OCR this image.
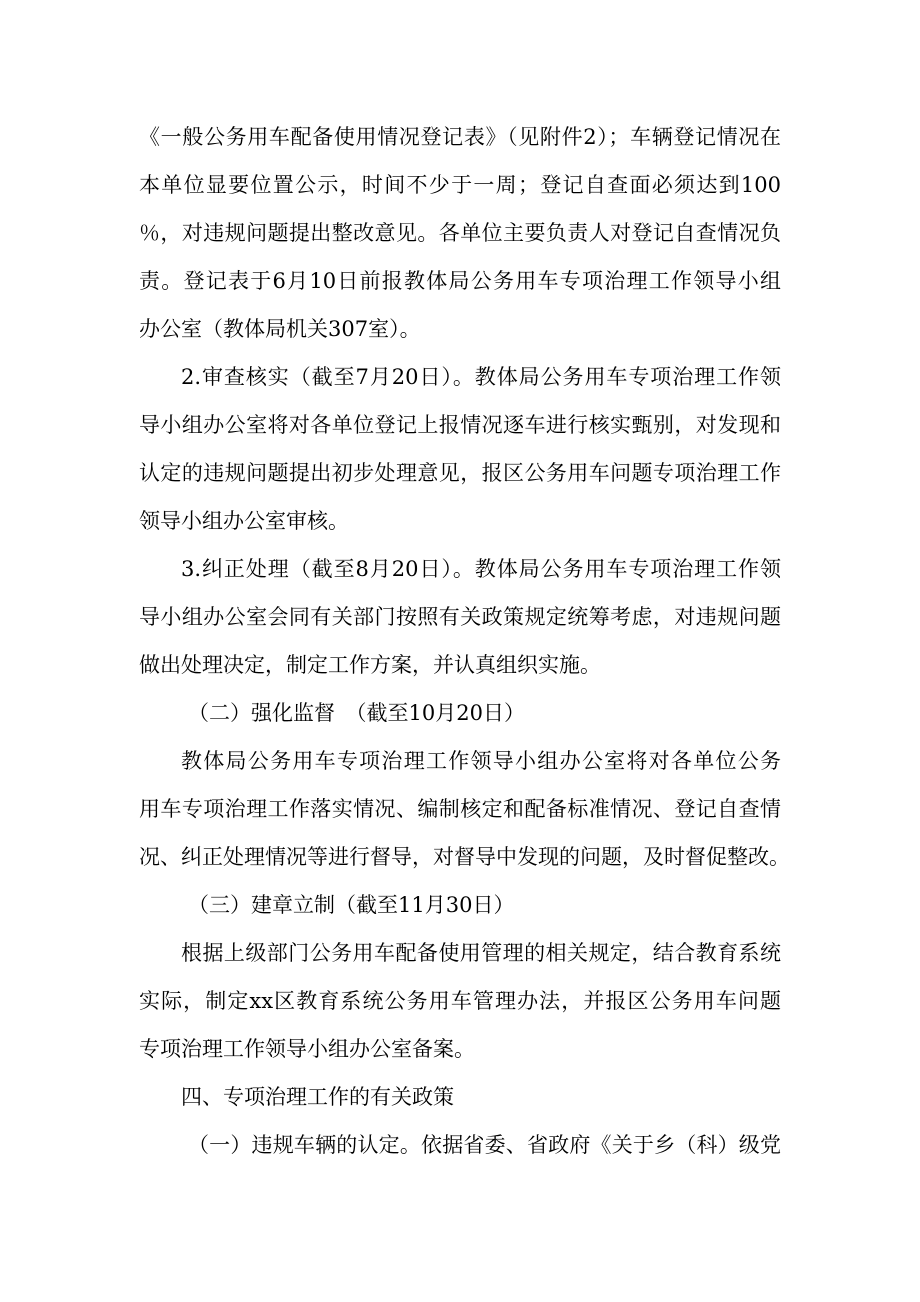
《一般公务用车配备使用情况登记表》（见附件2）；车辆登记情况在
本单位显要位置公示，时间不少于一周；登记自查面必须达到100
％，对违规问题提出整改意见。各单位主要负责人对登记自查情况负
责。登记表于6月10日前报教体局公务用车专项治理工作领导小组
办公室（教体局机关307室）。
2.审查核实（截至7月20日）。教体局公务用车专项治理工作领
导小组办公室将对各单位登记上报情况逐车进行核实甄别，对发现和
认定的违规问题提出初步处理意见，报区公务用车问题专项治理工作
领导小组办公室审核。
3.纠正处理（截至8月20日）。教体局公务用车专项治理工作领
导小组办公室会同有关部门按照有关政策规定统筹考虑，对违规问题
做出处理决定，制定工作方案，并认真组织实施。
（二）强化监督　（截至10月20日）
教体局公务用车专项治理工作领导小组办公室将对各单位公务
用车专项治理工作落实情况、编制核定和配备标准情况、登记自查情
况、纠正处理情况等进行督导，对督导中发现的问题，及时督促整改。
（三）建章立制（截至11月30日）
根据上级部门公务用车配备使用管理的相关规定，结合教育系统
实际，制定xx区教育系统公务用车管理办法，并报区公务用车问题
专项治理工作领导小组办公室备案。
四、专项治理工作的有关政策
（一）违规车辆的认定。依据省委、省政府《关于乡（科）级党
